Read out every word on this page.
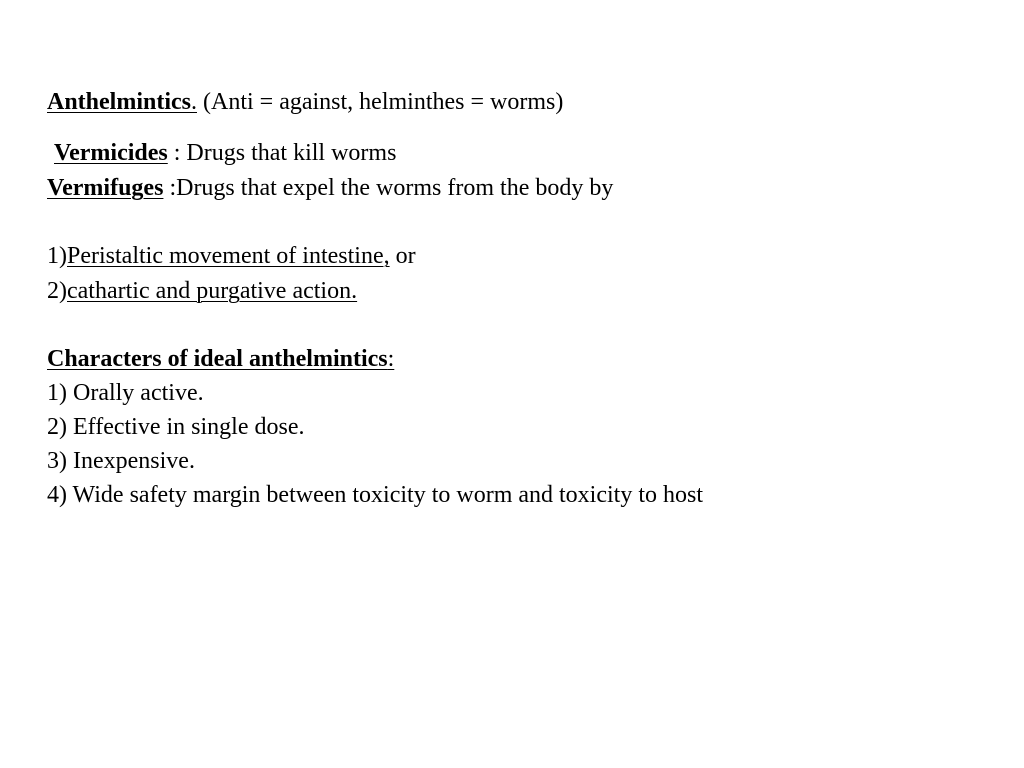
Anthelmintics. (Anti = against, helminthes = worms)
Vermicides : Drugs that kill worms
Vermifuges :Drugs that expel the worms from the body by
1)Peristaltic movement of intestine, or
2)cathartic and purgative action.
Characters of ideal anthelmintics:
1) Orally active.
2) Effective in single dose.
3) Inexpensive.
4) Wide safety margin between toxicity to worm and toxicity to host
